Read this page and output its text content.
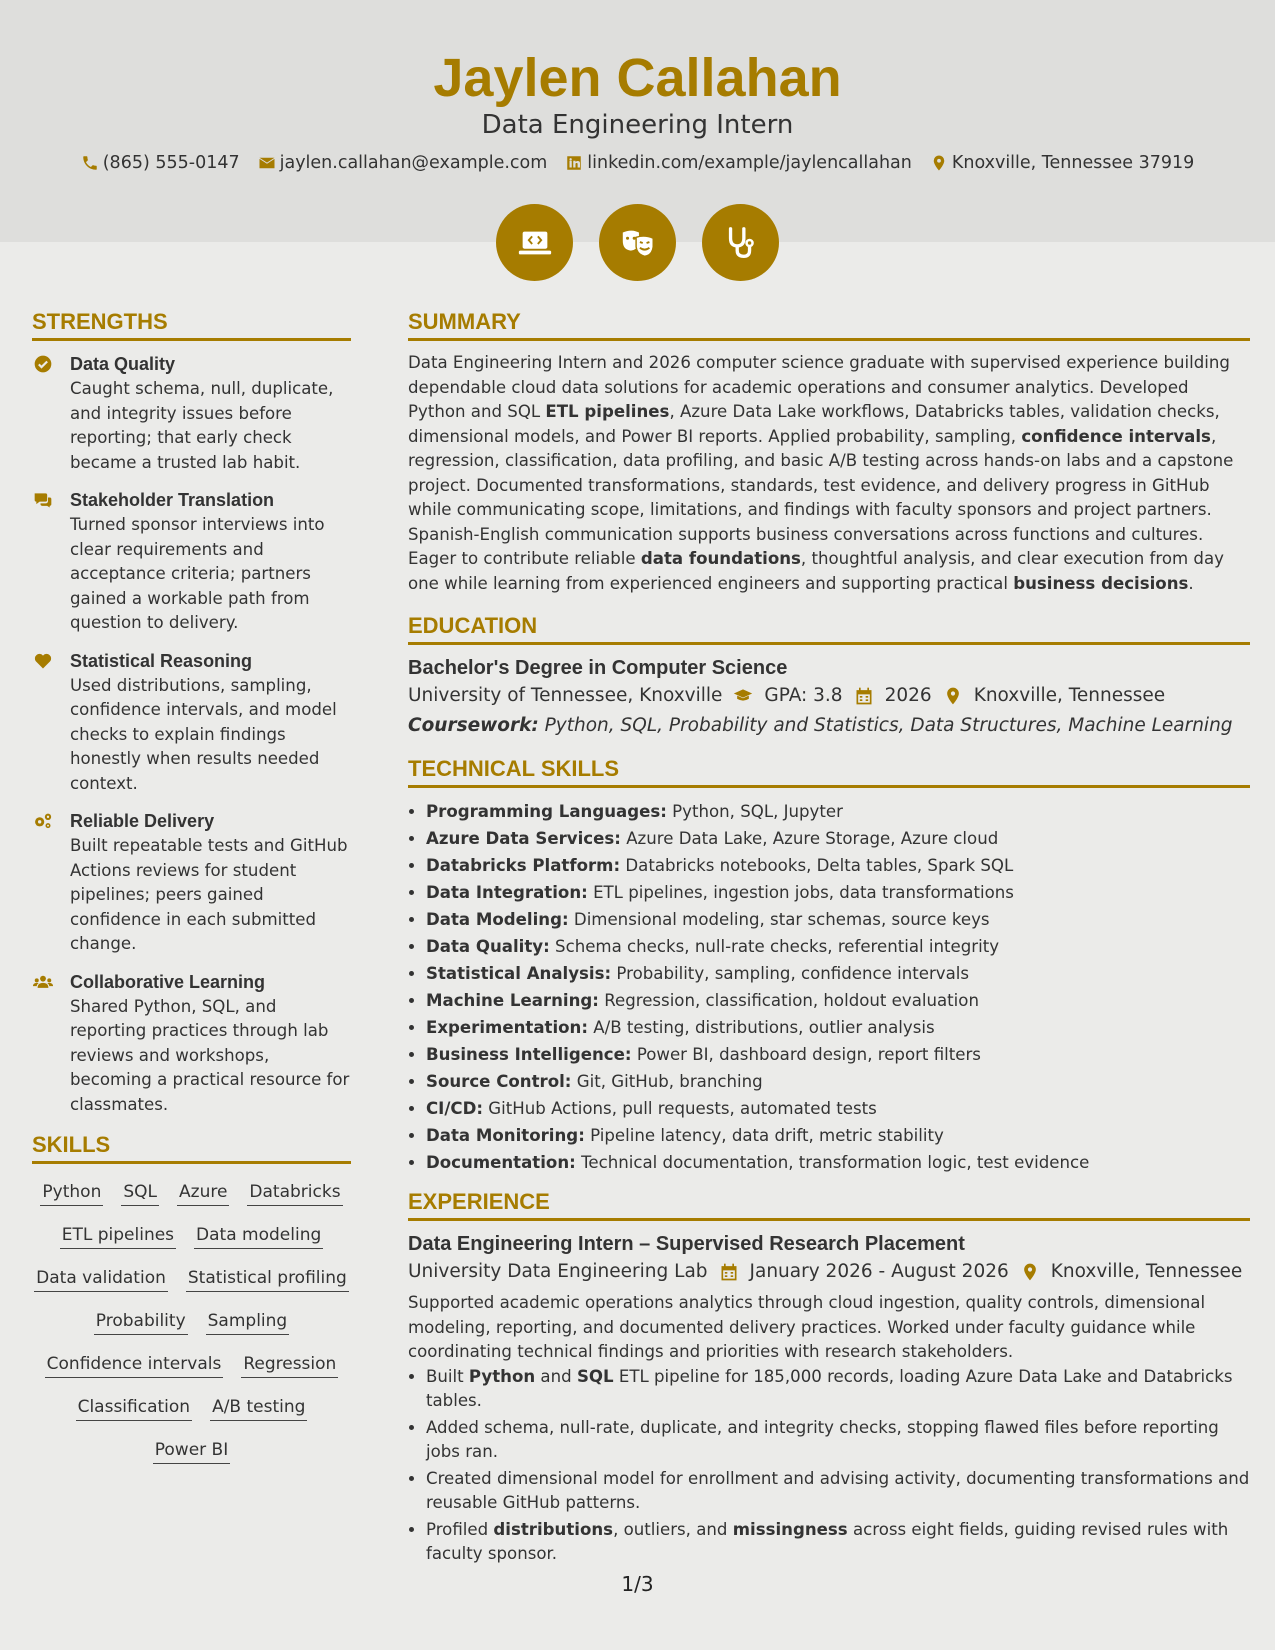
Jaylen Callahan
Data Engineering Intern
(865) 555-0147 jaylen.callahan@example.com linkedin.com/example/jaylencallahan Knoxville, Tennessee 37919
STRENGTHS
Data Quality
Caught schema, null, duplicate, and integrity issues before reporting; that early check became a trusted lab habit.
Stakeholder Translation
Turned sponsor interviews into clear requirements and acceptance criteria; partners gained a workable path from question to delivery.
Statistical Reasoning
Used distributions, sampling, confidence intervals, and model checks to explain findings honestly when results needed context.
Reliable Delivery
Built repeatable tests and GitHub Actions reviews for student pipelines; peers gained confidence in each submitted change.
Collaborative Learning
Shared Python, SQL, and reporting practices through lab reviews and workshops, becoming a practical resource for classmates.
SKILLS
Python SQL Azure Databricks
ETL pipelines Data modeling
Data validation Statistical profiling
Probability Sampling
Confidence intervals Regression
Classification A/B testing
Power BI
SUMMARY

Data Engineering Intern and 2026 computer science graduate with supervised experience building dependable cloud data solutions for academic operations and consumer analytics. Developed Python and SQL ETL pipelines, Azure Data Lake workflows, Databricks tables, validation checks, dimensional models, and Power BI reports. Applied probability, sampling, confidence intervals, regression, classification, data profiling, and basic A/B testing across hands-on labs and a capstone project. Documented transformations, standards, test evidence, and delivery progress in GitHub while communicating scope, limitations, and findings with faculty sponsors and project partners. Spanish-English communication supports business conversations across functions and cultures. Eager to contribute reliable data foundations, thoughtful analysis, and clear execution from day one while learning from experienced engineers and supporting practical business decisions.

EDUCATION
Bachelor's Degree in Computer Science
University of Tennessee, Knoxville GPA: 3.8 2026 Knoxville, Tennessee
Coursework: Python, SQL, Probability and Statistics, Data Structures, Machine Learning
TECHNICAL SKILLS
• Programming Languages: Python, SQL, Jupyter
• Azure Data Services: Azure Data Lake, Azure Storage, Azure cloud
• Databricks Platform: Databricks notebooks, Delta tables, Spark SQL
• Data Integration: ETL pipelines, ingestion jobs, data transformations
• Data Modeling: Dimensional modeling, star schemas, source keys
• Data Quality: Schema checks, null-rate checks, referential integrity
• Statistical Analysis: Probability, sampling, confidence intervals
• Machine Learning: Regression, classification, holdout evaluation
• Experimentation: A/B testing, distributions, outlier analysis
• Business Intelligence: Power BI, dashboard design, report filters
• Source Control: Git, GitHub, branching
• CI/CD: GitHub Actions, pull requests, automated tests
• Data Monitoring: Pipeline latency, data drift, metric stability
• Documentation: Technical documentation, transformation logic, test evidence
EXPERIENCE
Data Engineering Intern – Supervised Research Placement
University Data Engineering Lab January 2026 - August 2026 Knoxville, Tennessee

Supported academic operations analytics through cloud ingestion, quality controls, dimensional modeling, reporting, and documented delivery practices. Worked under faculty guidance while coordinating technical findings and priorities with research stakeholders.

• Built Python and SQL ETL pipeline for 185,000 records, loading Azure Data Lake and Databricks tables.
• Added schema, null-rate, duplicate, and integrity checks, stopping flawed files before reporting jobs ran.
• Created dimensional model for enrollment and advising activity, documenting transformations and reusable GitHub patterns.
• Profiled distributions, outliers, and missingness across eight fields, guiding revised rules with faculty sponsor.
1/3
